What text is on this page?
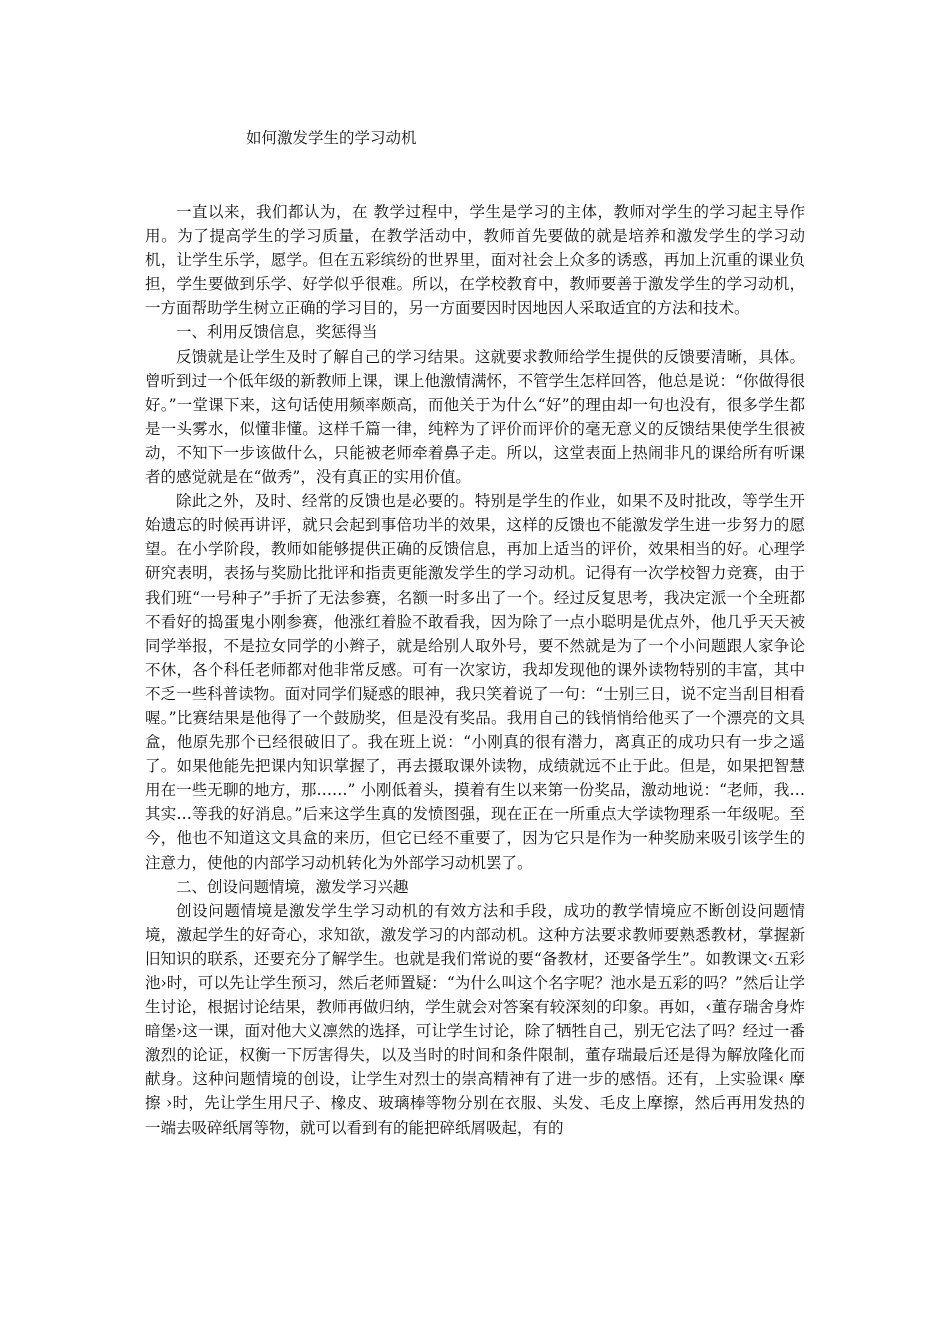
如何激发学生的学习动机

一直以来，我们都认为，在 教学过程中，学生是学习的主体，教师对学生的学习起主导作用。为了提高学生的学习质量，在教学活动中，教师首先要做的就是培养和激发学生的学习动机，让学生乐学，愿学。但在五彩缤纷的世界里，面对社会上众多的诱惑，再加上沉重的课业负担，学生要做到乐学、好学似乎很难。所以，在学校教育中，教师要善于激发学生的学习动机，一方面帮助学生树立正确的学习目的，另一方面要因时因地因人采取适宜的方法和技术。

一、利用反馈信息，奖惩得当

反馈就是让学生及时了解自己的学习结果。这就要求教师给学生提供的反馈要清晰，具体。曾听到过一个低年级的新教师上课，课上他激情满怀，不管学生怎样回答，他总是说：“你做得很好。”一堂课下来，这句话使用频率颇高，而他关于为什么“好”的理由却一句也没有，很多学生都是一头雾水，似懂非懂。这样千篇一律，纯粹为了评价而评价的毫无意义的反馈结果使学生很被动，不知下一步该做什么，只能被老师牵着鼻子走。所以，这堂表面上热闹非凡的课给所有听课者的感觉就是在“做秀”，没有真正的实用价值。

除此之外，及时、经常的反馈也是必要的。特别是学生的作业，如果不及时批改，等学生开始遗忘的时候再讲评，就只会起到事倍功半的效果，这样的反馈也不能激发学生进一步努力的愿望。在小学阶段，教师如能够提供正确的反馈信息，再加上适当的评价，效果相当的好。心理学研究表明，表扬与奖励比批评和指责更能激发学生的学习动机。记得有一次学校智力竞赛，由于我们班“一号种子”手折了无法参赛，名额一时多出了一个。经过反复思考，我决定派一个全班都不看好的捣蛋鬼小刚参赛，他涨红着脸不敢看我，因为除了一点小聪明是优点外，他几乎天天被同学举报，不是拉女同学的小辫子，就是给别人取外号，要不然就是为了一个小问题跟人家争论不休，各个科任老师都对他非常反感。可有一次家访，我却发现他的课外读物特别的丰富，其中不乏一些科普读物。面对同学们疑惑的眼神，我只笑着说了一句：“士别三日，说不定当刮目相看喔。”比赛结果是他得了一个鼓励奖，但是没有奖品。我用自己的钱悄悄给他买了一个漂亮的文具盒，他原先那个已经很破旧了。我在班上说：“小刚真的很有潜力，离真正的成功只有一步之遥了。如果他能先把课内知识掌握了，再去摄取课外读物，成绩就远不止于此。但是，如果把智慧用在一些无聊的地方，那……” 小刚低着头，摸着有生以来第一份奖品，激动地说：“老师，我…其实…等我的好消息。”后来这学生真的发愤图强，现在正在一所重点大学读物理系一年级呢。至今，他也不知道这文具盒的来历，但它已经不重要了，因为它只是作为一种奖励来吸引该学生的注意力，使他的内部学习动机转化为外部学习动机罢了。

二、创设问题情境，激发学习兴趣

创设问题情境是激发学生学习动机的有效方法和手段，成功的教学情境应不断创设问题情境，激起学生的好奇心，求知欲，激发学习的内部动机。这种方法要求教师要熟悉教材，掌握新旧知识的联系，还要充分了解学生。也就是我们常说的要“备教材，还要备学生”。如教课文‹五彩池›时，可以先让学生预习，然后老师置疑：“为什么叫这个名字呢？池水是五彩的吗？”然后让学生讨论，根据讨论结果，教师再做归纳，学生就会对答案有较深刻的印象。再如，‹董存瑞舍身炸暗堡›这一课，面对他大义凛然的选择，可让学生讨论，除了牺牲自己，别无它法了吗？经过一番激烈的论证，权衡一下厉害得失，以及当时的时间和条件限制，董存瑞最后还是得为解放隆化而献身。这种问题情境的创设，让学生对烈士的崇高精神有了进一步的感悟。还有，上实验课‹ 摩擦 ›时，先让学生用尺子、橡皮、玻璃棒等物分别在衣服、头发、毛皮上摩擦，然后再用发热的一端去吸碎纸屑等物，就可以看到有的能把碎纸屑吸起，有的
